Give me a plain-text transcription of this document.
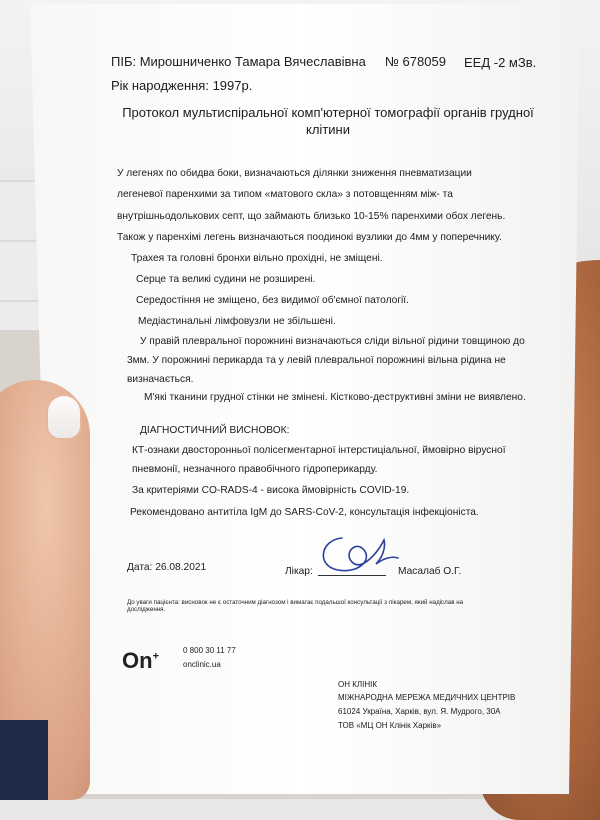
ПІБ: Мирошниченко Тамара Вячеславівна № 678059 ЕЕД -2 мЗв.
Рік народження: 1997р.
Протокол мультиспіральної комп'ютерної томографії органів грудної клітини
У легенях по обидва боки, визначаються ділянки зниження пневматизации
легеневої паренхими за типом «матового скла» з потовщенням між- та
внутрішньодолькових септ, що займають близько 10-15% паренхими обох легень.
Також у паренхімі легень визначаються поодинокі вузлики до 4мм у поперечнику.
Трахея та головні бронхи вільно прохідні, не зміщені.
Серце та великі судини не розширені.
Середостіння не зміщено, без видимої об'ємної патології.
Медіастинальні лімфовузли не збільшені.
У правій плевральної порожнині визначаються сліди вільної рідини товщиною до
3мм. У порожнині перикарда та у левій плевральної порожнині вільна рідина не
визначається.
М'які тканини грудної стінки не змінені. Кістково-деструктивні зміни не виявлено.
ДІАГНОСТИЧНИЙ ВИСНОВОК:
КТ-ознаки двосторонньої полісегментарної інтерстиціальної, ймовірно вірусної
пневмонії, незначного правобічного гідроперикарду.
За критеріями CO-RADS-4 - висока ймовірність COVID-19.
Рекомендовано антитіла IgM до SARS-CoV-2, консультація інфекціоніста.
Дата: 26.08.2021	Лікар:	Масалаб О.Г.
До уваги пацієнта: висновок не є остаточним діагнозом і вимагає подальшої консультації з лікарем, який надіслав на
дослідження.
On+
0 800 30 11 77
onclinic.ua
ОН КЛІНІК
МІЖНАРОДНА МЕРЕЖА МЕДИЧНИХ ЦЕНТРІВ
61024 Україна, Харків, вул. Я. Мудрого, 30А
ТОВ «МЦ ОН Клінік Харків»
